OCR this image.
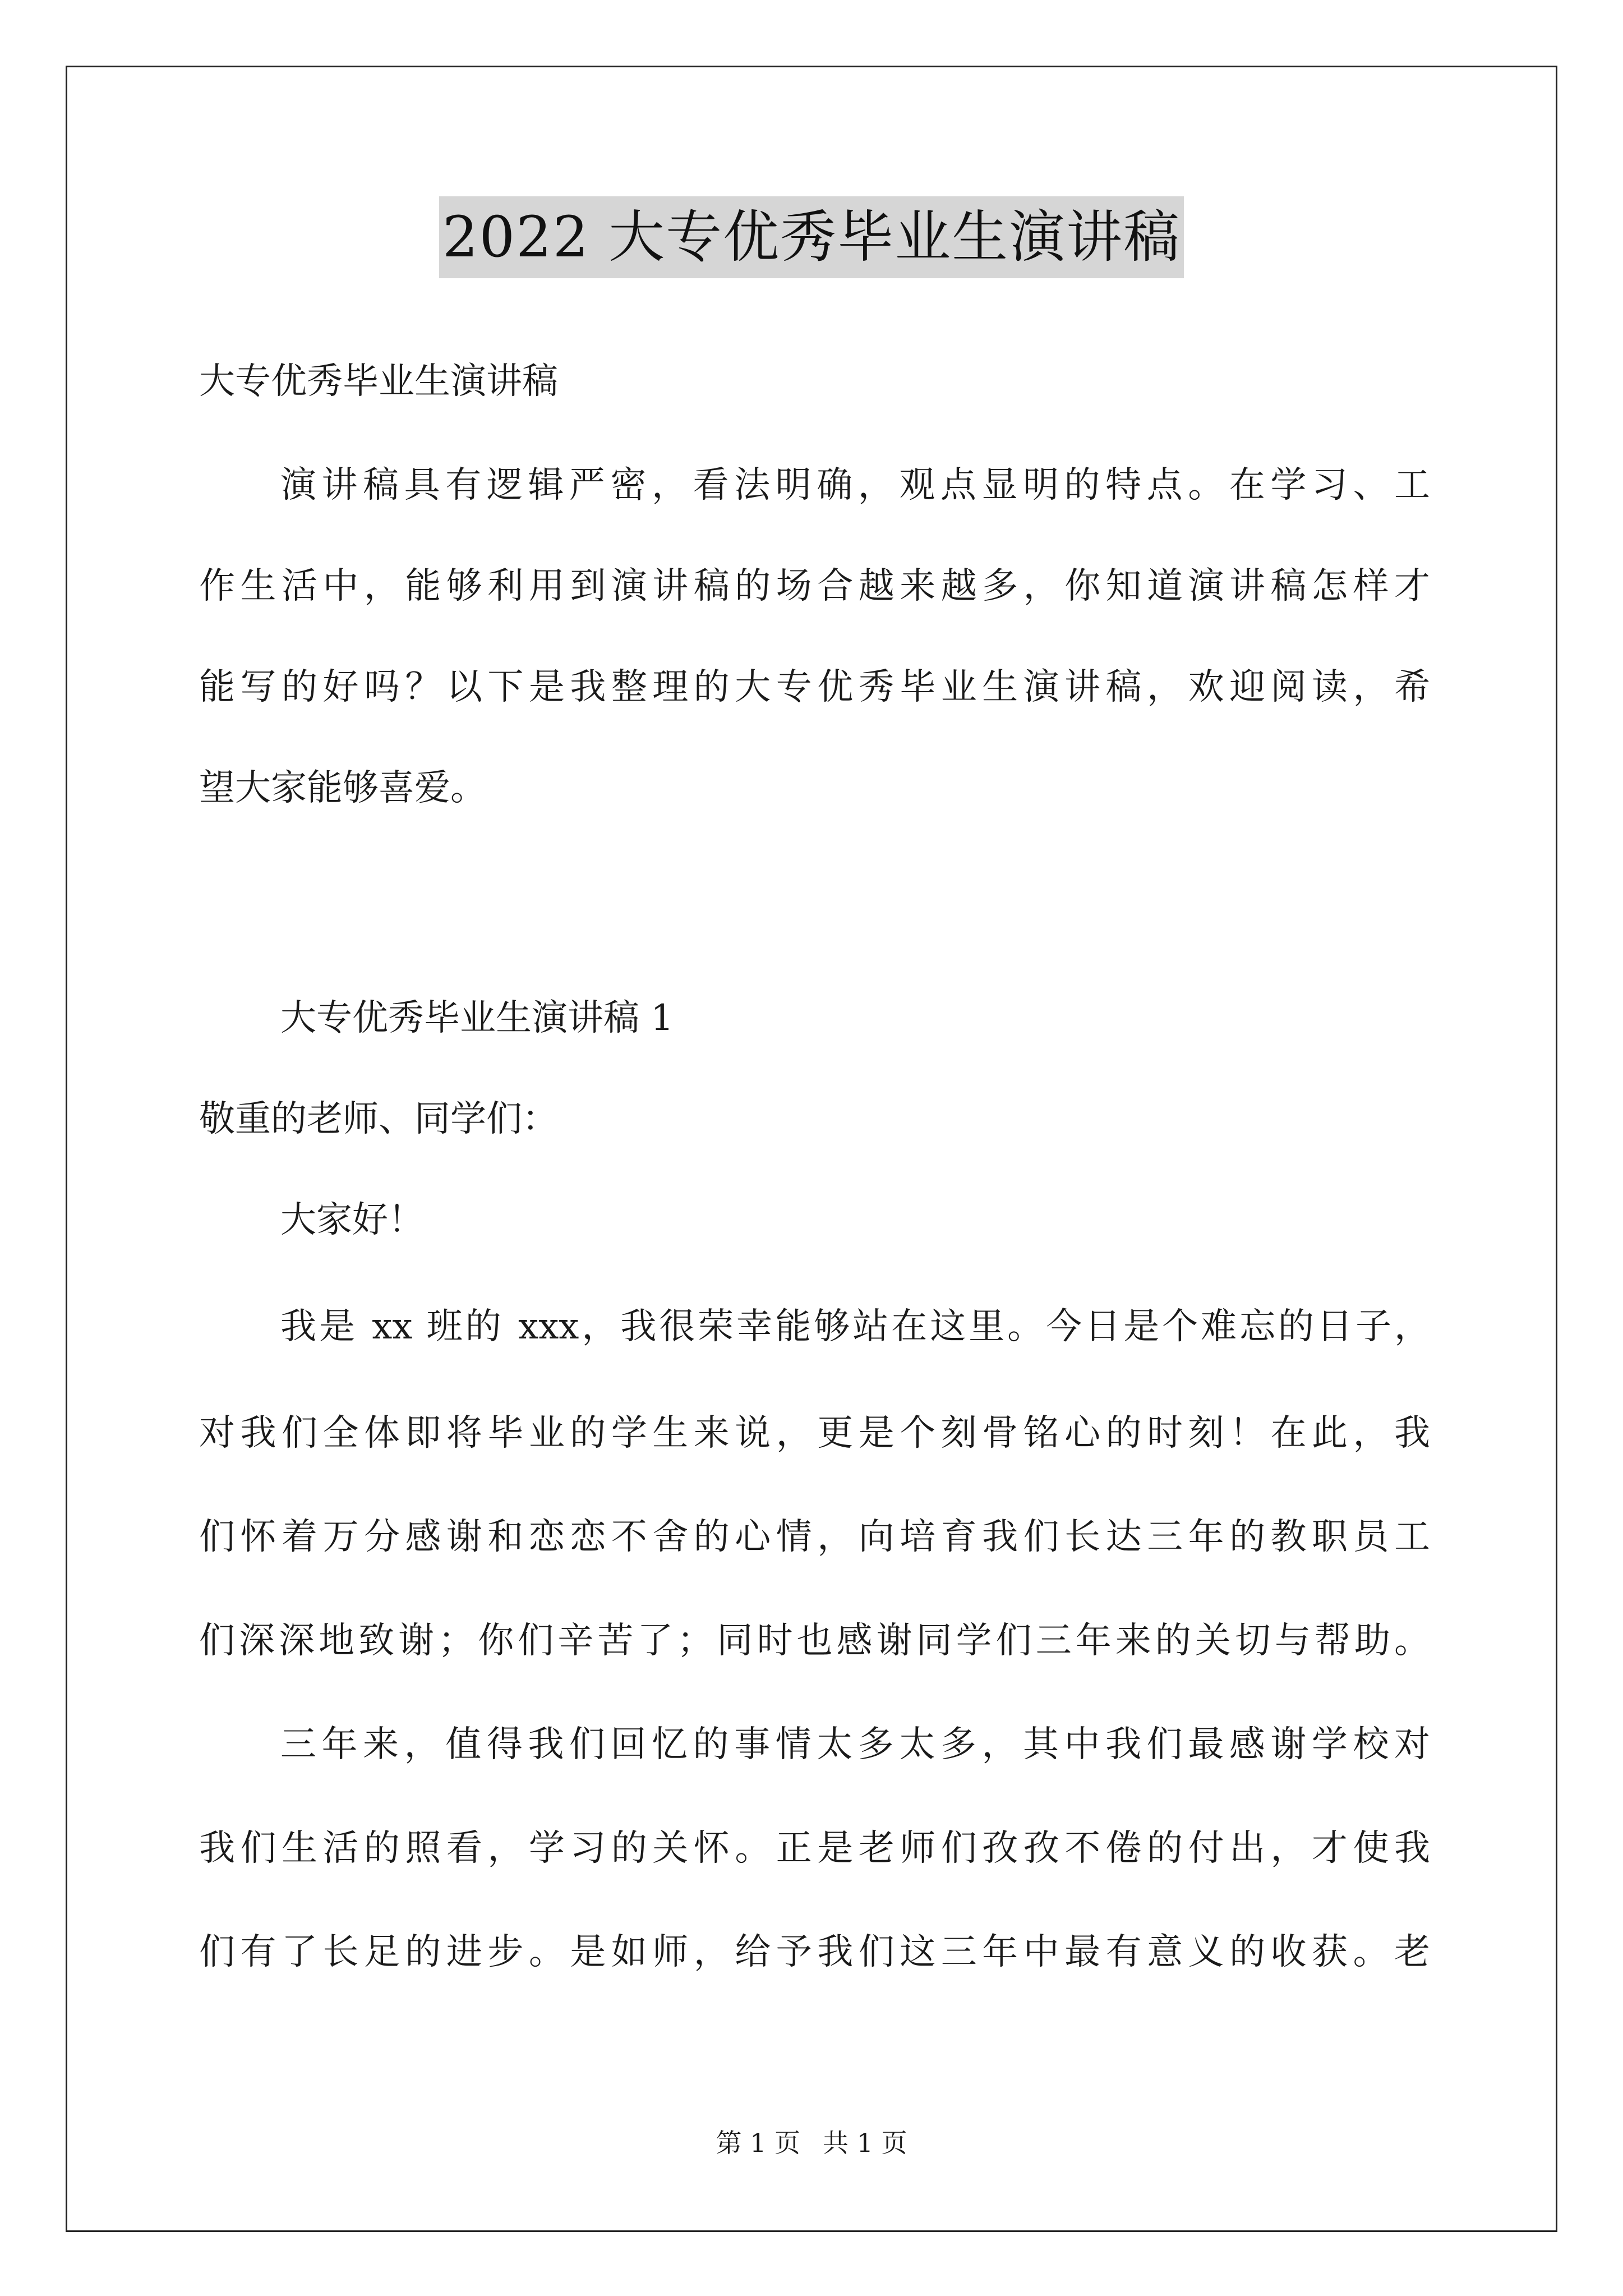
2022 大专优秀毕业生演讲稿
大专优秀毕业生演讲稿
演讲稿具有逻辑严密，看法明确，观点显明的特点。在学习、工
作生活中，能够利用到演讲稿的场合越来越多，你知道演讲稿怎样才
能写的好吗？以下是我整理的大专优秀毕业生演讲稿，欢迎阅读，希
望大家能够喜爱。
大专优秀毕业生演讲稿 1
敬重的老师、同学们：
大家好！
我是 xx 班的 xxx，我很荣幸能够站在这里。今日是个难忘的日子，
对我们全体即将毕业的学生来说，更是个刻骨铭心的时刻！在此，我
们怀着万分感谢和恋恋不舍的心情，向培育我们长达三年的教职员工
们深深地致谢；你们辛苦了；同时也感谢同学们三年来的关切与帮助。
三年来，值得我们回忆的事情太多太多，其中我们最感谢学校对
我们生活的照看，学习的关怀。正是老师们孜孜不倦的付出，才使我
们有了长足的进步。是如师，给予我们这三年中最有意义的收获。老
第 1 页 共 1 页
